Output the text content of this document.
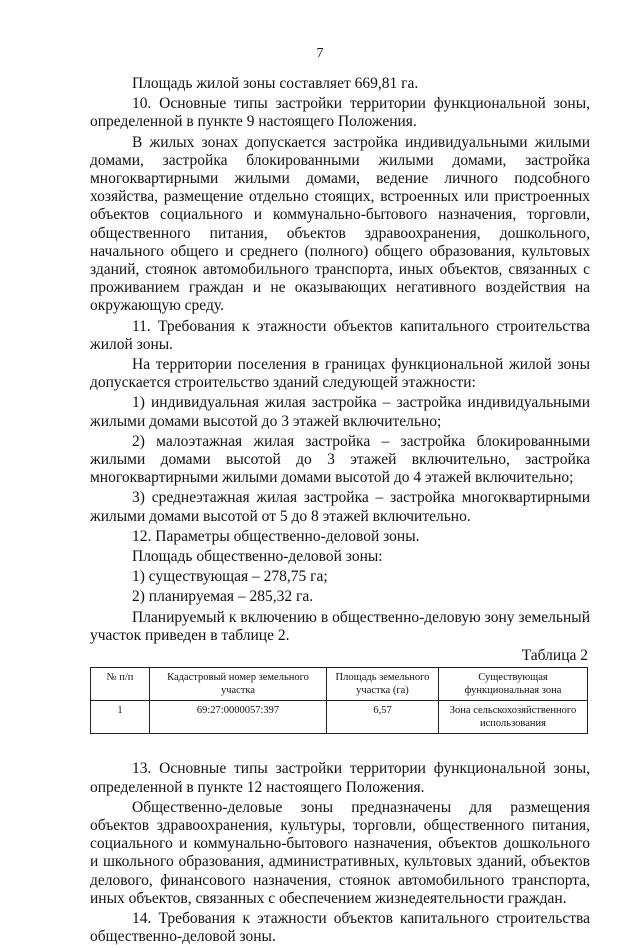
7

Площадь жилой зоны составляет 669,81 га.

10. Основные типы застройки территории функциональной зоны, определенной в пункте 9 настоящего Положения.

В жилых зонах допускается застройка индивидуальными жилыми домами, застройка блокированными жилыми домами, застройка многоквартирными жилыми домами, ведение личного подсобного хозяйства, размещение отдельно стоящих, встроенных или пристроенных объектов социального и коммунально-бытового назначения, торговли, общественного питания, объектов здравоохранения, дошкольного, начального общего и среднего (полного) общего образования, культовых зданий, стоянок автомобильного транспорта, иных объектов, связанных с проживанием граждан и не оказывающих негативного воздействия на окружающую среду.

11. Требования к этажности объектов капитального строительства жилой зоны.

На территории поселения в границах функциональной жилой зоны допускается строительство зданий следующей этажности:

1) индивидуальная жилая застройка – застройка индивидуальными жилыми домами высотой до 3 этажей включительно;

2) малоэтажная жилая застройка – застройка блокированными жилыми домами высотой до 3 этажей включительно, застройка многоквартирными жилыми домами высотой до 4 этажей включительно;

3) среднеэтажная жилая застройка – застройка многоквартирными жилыми домами высотой от 5 до 8 этажей включительно.

12. Параметры общественно-деловой зоны.

Площадь общественно-деловой зоны:

1) существующая – 278,75 га;

2) планируемая – 285,32 га.

Планируемый к включению в общественно-деловую зону земельный участок приведен в таблице 2.

Таблица 2
№ п/п	Кадастровый номер земельного участка	Площадь земельного участка (га)	Существующая функциональная зона
1	69:27:0000057:397	6,57	Зона сельскохозяйственного использования

13. Основные типы застройки территории функциональной зоны, определенной в пункте 12 настоящего Положения.

Общественно-деловые зоны предназначены для размещения объектов здравоохранения, культуры, торговли, общественного питания, социального и коммунально-бытового назначения, объектов дошкольного и школьного образования, административных, культовых зданий, объектов делового, финансового назначения, стоянок автомобильного транспорта, иных объектов, связанных с обеспечением жизнедеятельности граждан.

14. Требования к этажности объектов капитального строительства общественно-деловой зоны.
